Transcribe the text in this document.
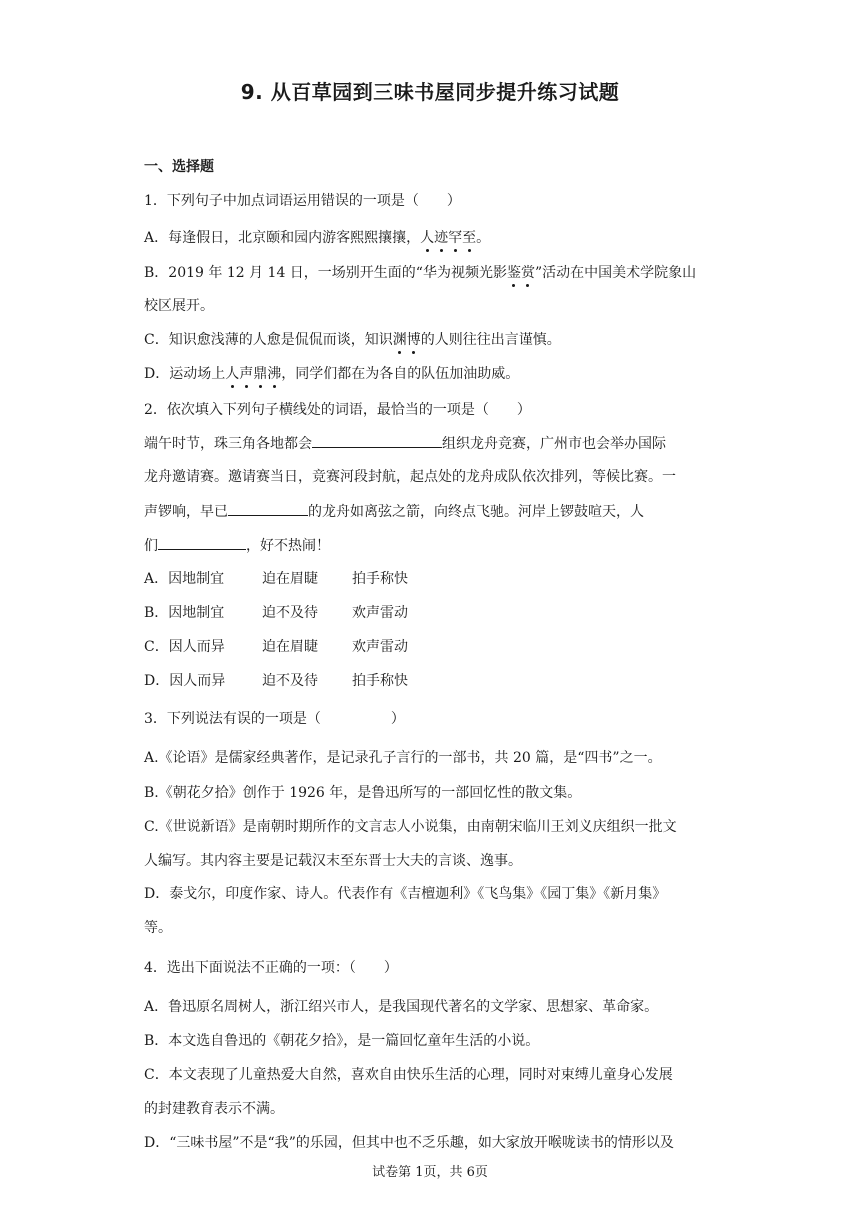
9. 从百草园到三味书屋同步提升练习试题
一、选择题
1．下列句子中加点词语运用错误的一项是（　　）
A．每逢假日，北京颐和园内游客熙熙攘攘，人迹罕至。
B．2019 年 12 月 14 日，一场别开生面的“华为视频光影鉴赏”活动在中国美术学院象山
校区展开。
C．知识愈浅薄的人愈是侃侃而谈，知识渊博的人则往往出言谨慎。
D．运动场上人声鼎沸，同学们都在为各自的队伍加油助威。
2．依次填入下列句子横线处的词语，最恰当的一项是（　　）
端午时节，珠三角各地都会	组织龙舟竞赛，广州市也会举办国际
龙舟邀请赛。邀请赛当日，竞赛河段封航，起点处的龙舟成队依次排列，等候比赛。一
声锣响，早已	的龙舟如离弦之箭，向终点飞驰。河岸上锣鼓喧天，人
们	，好不热闹！
A．因地制宜	迫在眉睫 拍手称快
B．因地制宜	迫不及待 欢声雷动
C．因人而异	迫在眉睫 欢声雷动
D．因人而异	迫不及待 拍手称快
3．下列说法有误的一项是（　　　　　）
A.《论语》是儒家经典著作，是记录孔子言行的一部书，共 20 篇，是“四书”之一。
B.《朝花夕拾》创作于 1926 年，是鲁迅所写的一部回忆性的散文集。
C.《世说新语》是南朝时期所作的文言志人小说集，由南朝宋临川王刘义庆组织一批文
人编写。其内容主要是记载汉末至东晋士大夫的言谈、逸事。
D．泰戈尔，印度作家、诗人。代表作有《吉檀迦利》《飞鸟集》《园丁集》《新月集》
等。
4．选出下面说法不正确的一项：（　　）
A．鲁迅原名周树人，浙江绍兴市人，是我国现代著名的文学家、思想家、革命家。
B．本文选自鲁迅的《朝花夕拾》，是一篇回忆童年生活的小说。
C．本文表现了儿童热爱大自然，喜欢自由快乐生活的心理，同时对束缚儿童身心发展
的封建教育表示不满。
D．“三味书屋”不是“我”的乐园，但其中也不乏乐趣，如大家放开喉咙读书的情形以及
试卷第 1页，共 6页
